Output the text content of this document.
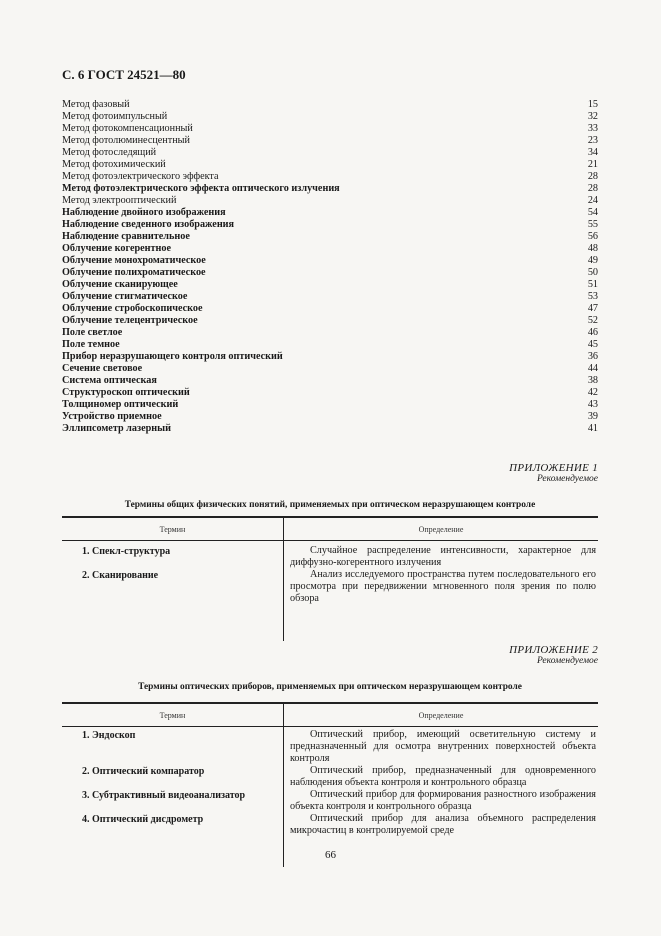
С. 6 ГОСТ 24521—80
Метод фазовый	15
Метод фотоимпульсный	32
Метод фотокомпенсационный	33
Метод фотолюминесцентный	23
Метод фотоследящий	34
Метод фотохимический	21
Метод фотоэлектрического эффекта	28
Метод фотоэлектрического эффекта оптического излучения	28
Метод электрооптический	24
Наблюдение двойного изображения	54
Наблюдение сведенного изображения	55
Наблюдение сравнительное	56
Облучение когерентное	48
Облучение монохроматическое	49
Облучение полихроматическое	50
Облучение сканирующее	51
Облучение стигматическое	53
Облучение стробоскопическое	47
Облучение телецентрическое	52
Поле светлое	46
Поле темное	45
Прибор неразрушающего контроля оптический	36
Сечение световое	44
Система оптическая	38
Структуроскоп оптический	42
Толщиномер оптический	43
Устройство приемное	39
Эллипсометр лазерный	41
ПРИЛОЖЕНИЕ 1
Рекомендуемое
Термины общих физических понятий, применяемых при оптическом неразрушающем контроле
Термин	Определение
1. Спекл-структура	Случайное распределение интенсивности, характерное для диффузно-когерентного излучения
2. Сканирование	Анализ исследуемого пространства путем последовательного его просмотра при передвижении мгновенного поля зрения по полю обзора
ПРИЛОЖЕНИЕ 2
Рекомендуемое
Термины оптических приборов, применяемых при оптическом неразрушающем контроле
Термин	Определение
1. Эндоскоп	Оптический прибор, имеющий осветительную систему и предназначенный для осмотра внутренних поверхностей объекта контроля
2. Оптический компаратор	Оптический прибор, предназначенный для одновременного наблюдения объекта контроля и контрольного образца
3. Субтрактивный видеоанализатор	Оптический прибор для формирования разностного изображения объекта контроля и контрольного образца
4. Оптический дисдрометр	Оптический прибор для анализа объемного распределения микрочастиц в контролируемой среде
66
